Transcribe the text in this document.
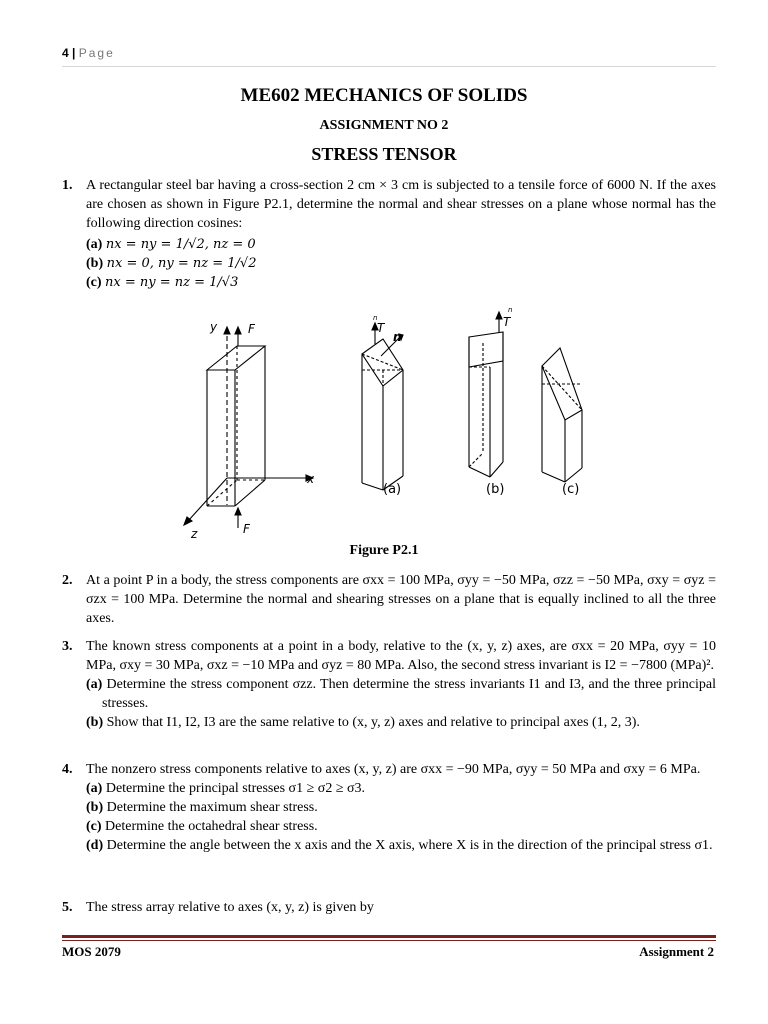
4 | Page
ME602 MECHANICS OF SOLIDS
ASSIGNMENT NO 2
STRESS TENSOR
1. A rectangular steel bar having a cross-section 2 cm × 3 cm is subjected to a tensile force of 6000 N. If the axes are chosen as shown in Figure P2.1, determine the normal and shear stresses on a plane whose normal has the following direction cosines:
(a) nx = ny = 1/√2, nz = 0
(b) nx = 0, ny = nz = 1/√2
(c) nx = ny = nz = 1/√3
y	F
x
z	F
n
T
n
n
T
(a)	(b)	(c)
Figure P2.1
2. At a point P in a body, the stress components are σxx = 100 MPa, σyy = −50 MPa, σzz = −50 MPa, σxy = σyz = σzx = 100 MPa. Determine the normal and shearing stresses on a plane that is equally inclined to all the three axes.
3. The known stress components at a point in a body, relative to the (x, y, z) axes, are σxx = 20 MPa, σyy = 10 MPa, σxy = 30 MPa, σxz = −10 MPa and σyz = 80 MPa. Also, the second stress invariant is I2 = −7800 (MPa)².
(a) Determine the stress component σzz. Then determine the stress invariants I1 and I3, and the three principal stresses.
(b) Show that I1, I2, I3 are the same relative to (x, y, z) axes and relative to principal axes (1, 2, 3).
4. The nonzero stress components relative to axes (x, y, z) are σxx = −90 MPa, σyy = 50 MPa and σxy = 6 MPa.
(a) Determine the principal stresses σ1 ≥ σ2 ≥ σ3.
(b) Determine the maximum shear stress.
(c) Determine the octahedral shear stress.
(d) Determine the angle between the x axis and the X axis, where X is in the direction of the principal stress σ1.
5. The stress array relative to axes (x, y, z) is given by
MOS 2079	Assignment 2
